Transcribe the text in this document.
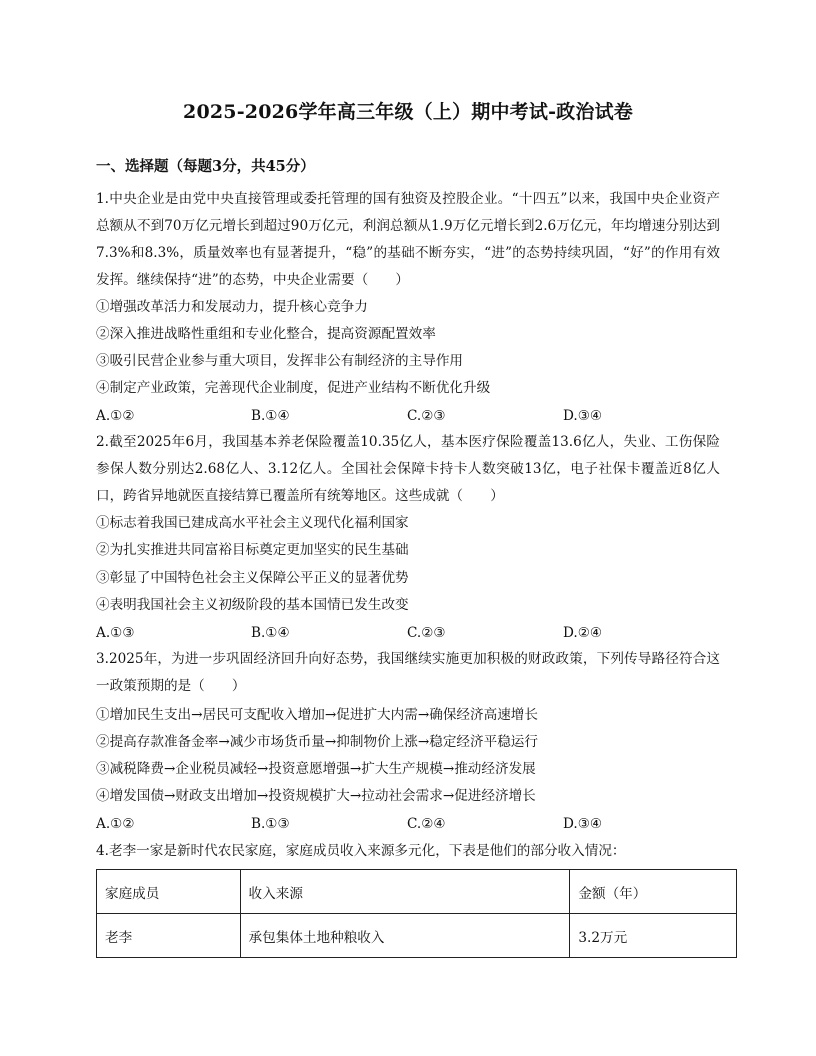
2025-2026学年高三年级（上）期中考试-政治试卷
一、选择题（每题3分，共45分）

1.中央企业是由党中央直接管理或委托管理的国有独资及控股企业。“十四五”以来，我国中央企业资产总额从不到70万亿元增长到超过90万亿元，利润总额从1.9万亿元增长到2.6万亿元，年均增速分别达到7.3%和8.3%，质量效率也有显著提升，“稳”的基础不断夯实，“进”的态势持续巩固，“好”的作用有效发挥。继续保持“进”的态势，中央企业需要（　　）

①增强改革活力和发展动力，提升核心竞争力
②深入推进战略性重组和专业化整合，提高资源配置效率
③吸引民营企业参与重大项目，发挥非公有制经济的主导作用
④制定产业政策，完善现代企业制度，促进产业结构不断优化升级
A.①②	B.①④	C.②③	D.③④

2.截至2025年6月，我国基本养老保险覆盖10.35亿人，基本医疗保险覆盖13.6亿人，失业、工伤保险参保人数分别达2.68亿人、3.12亿人。全国社会保障卡持卡人数突破13亿，电子社保卡覆盖近8亿人口，跨省异地就医直接结算已覆盖所有统筹地区。这些成就（　　）

①标志着我国已建成高水平社会主义现代化福利国家
②为扎实推进共同富裕目标奠定更加坚实的民生基础
③彰显了中国特色社会主义保障公平正义的显著优势
④表明我国社会主义初级阶段的基本国情已发生改变
A.①③	B.①④	C.②③	D.②④

3.2025年，为进一步巩固经济回升向好态势，我国继续实施更加积极的财政政策，下列传导路径符合这一政策预期的是（　　）

①增加民生支出→居民可支配收入增加→促进扩大内需→确保经济高速增长
②提高存款准备金率→减少市场货币量→抑制物价上涨→稳定经济平稳运行
③减税降费→企业税员减轻→投资意愿增强→扩大生产规模→推动经济发展
④增发国债→财政支出增加→投资规模扩大→拉动社会需求→促进经济增长
A.①②	B.①③	C.②④	D.③④
4.老李一家是新时代农民家庭，家庭成员收入来源多元化，下表是他们的部分收入情况：
家庭成员	收入来源	金额（年）
老李	承包集体土地种粮收入	3.2万元
